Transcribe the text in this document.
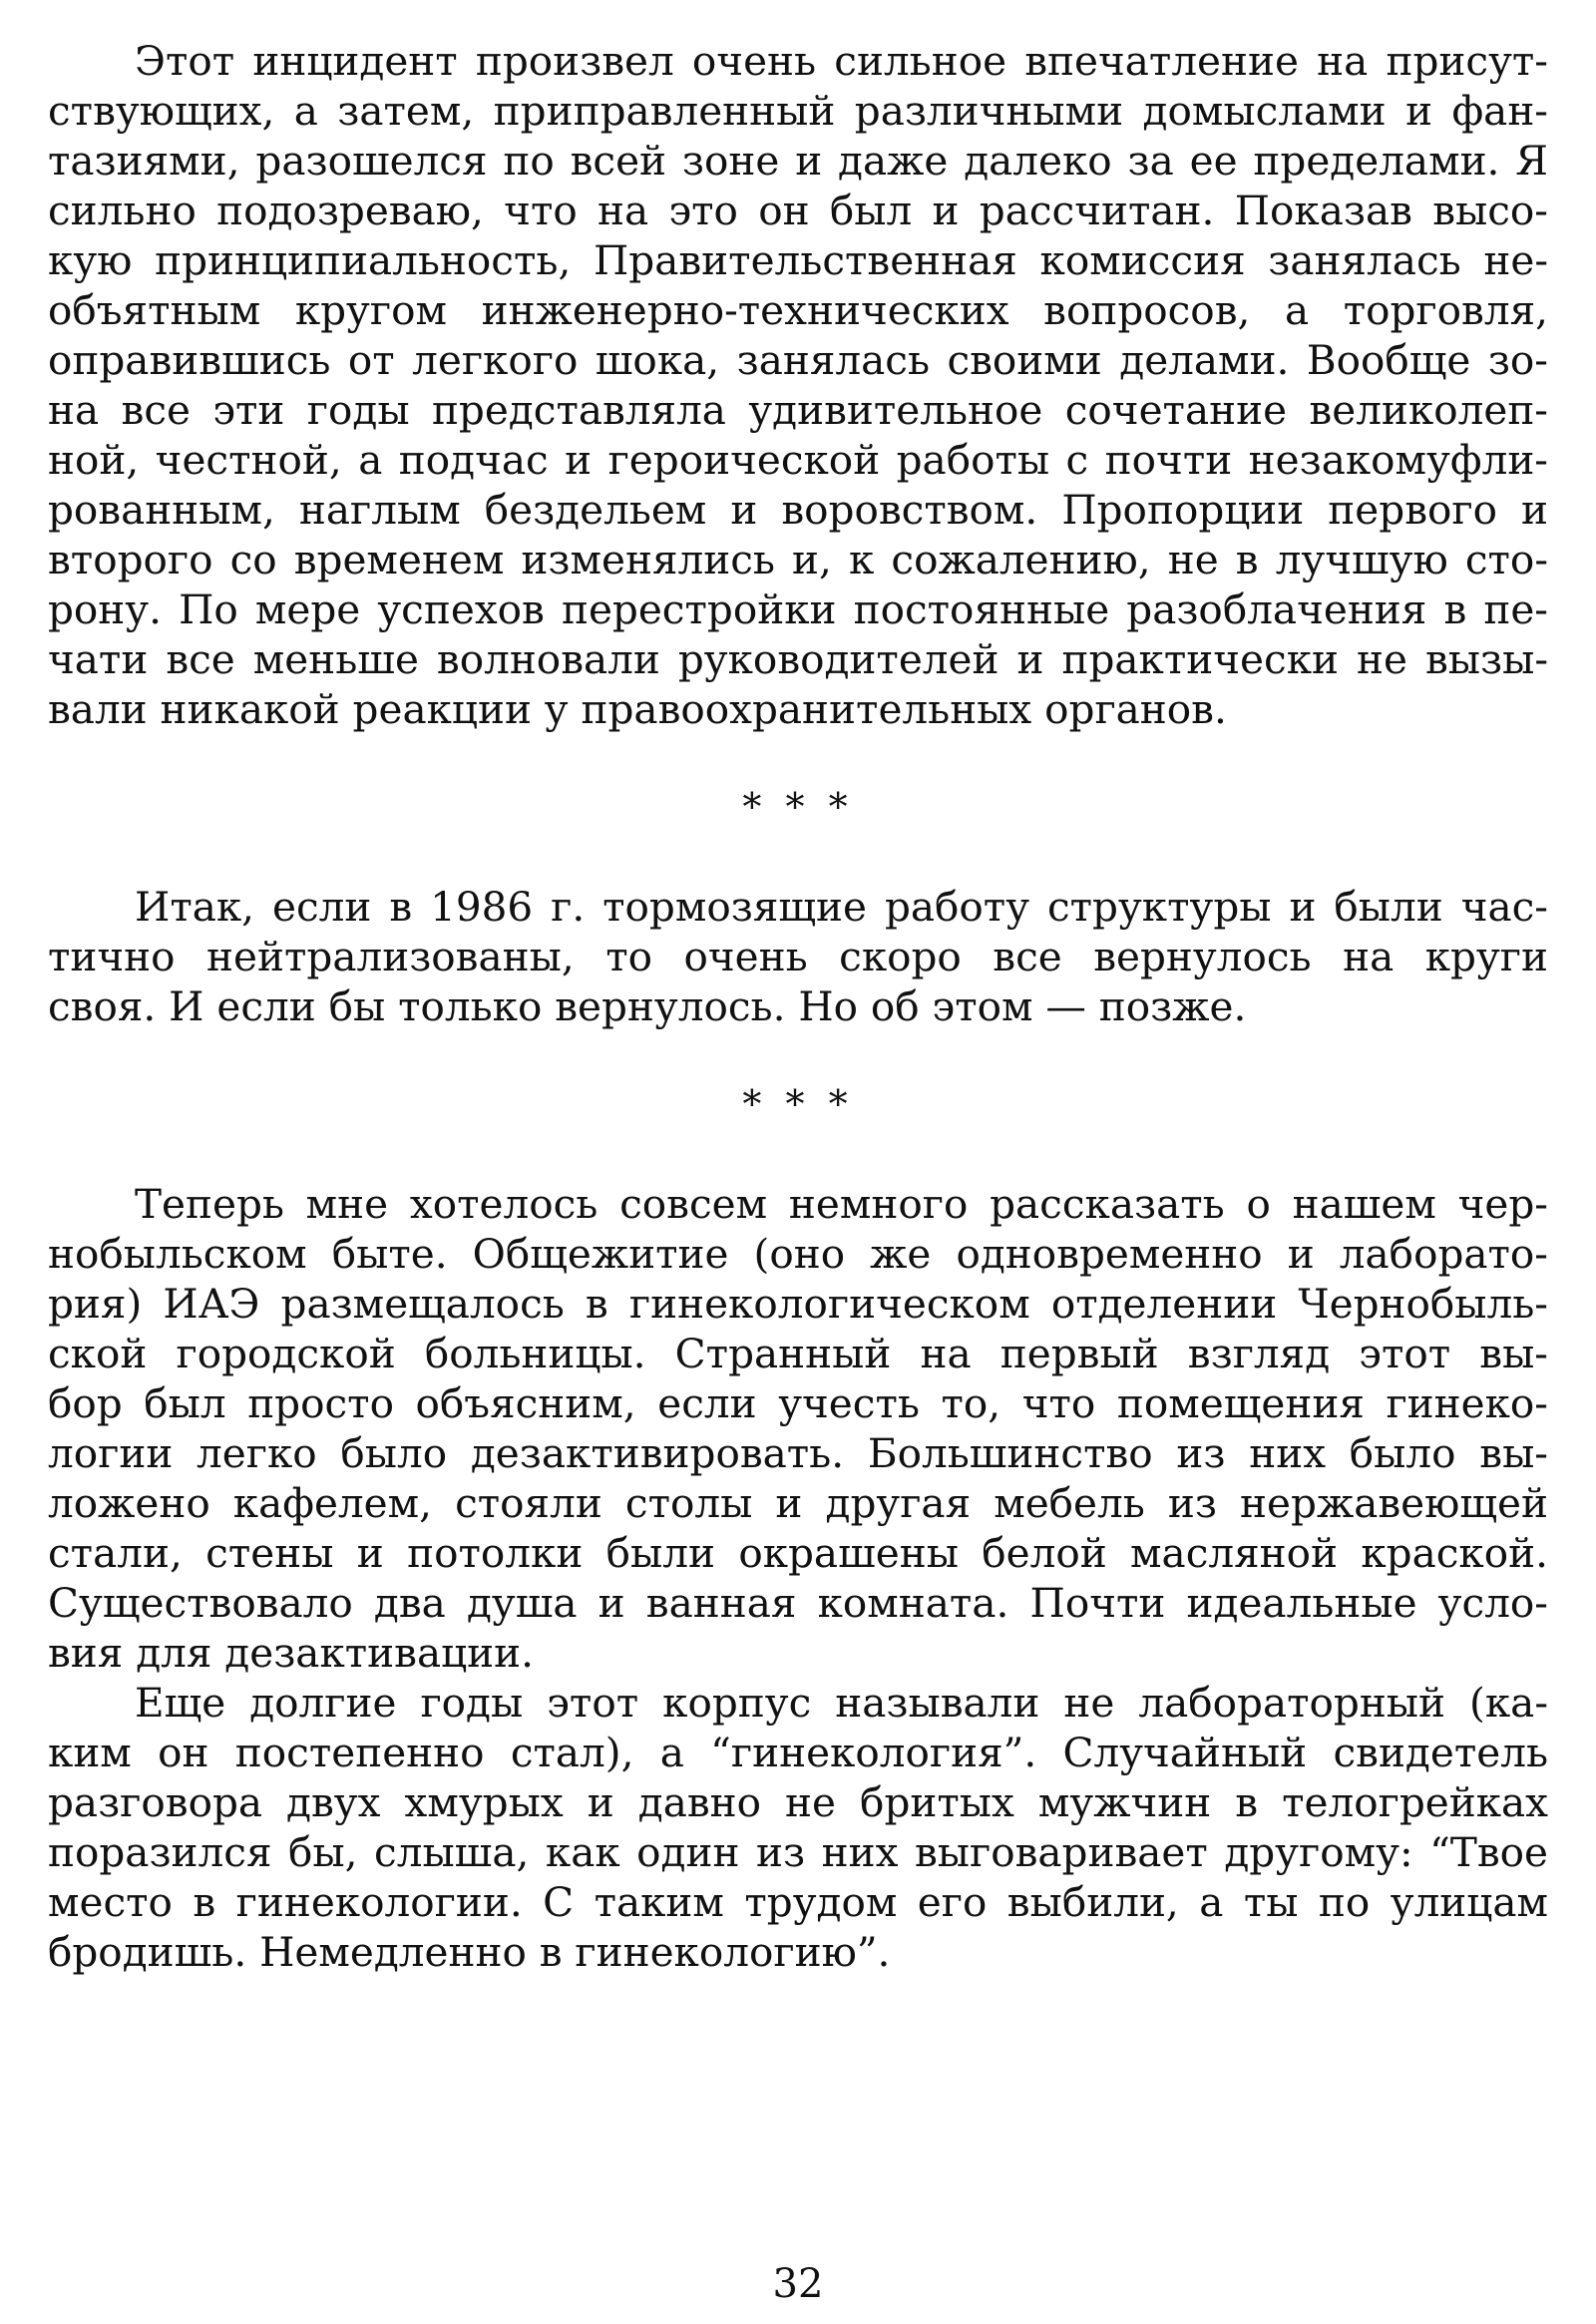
Этот инцидент произвел очень сильное впечатление на присут-
ствующих, а затем, приправленный различными домыслами и фан-
тазиями, разошелся по всей зоне и даже далеко за ее пределами. Я
сильно подозреваю, что на это он был и рассчитан. Показав высо-
кую принципиальность, Правительственная комиссия занялась не-
объятным кругом инженерно-технических вопросов, а торговля,
оправившись от легкого шока, занялась своими делами. Вообще зо-
на все эти годы представляла удивительное сочетание великолеп-
ной, честной, а подчас и героической работы с почти незакомуфли-
рованным, наглым бездельем и воровством. Пропорции первого и
второго со временем изменялись и, к сожалению, не в лучшую сто-
рону. По мере успехов перестройки постоянные разоблачения в пе-
чати все меньше волновали руководителей и практически не вызы-
вали никакой реакции у правоохранительных органов.
* * *
Итак, если в 1986 г. тормозящие работу структуры и были час-
тично нейтрализованы, то очень скоро все вернулось на круги
своя. И если бы только вернулось. Но об этом — позже.
* * *
Теперь мне хотелось совсем немного рассказать о нашем чер-
нобыльском быте. Общежитие (оно же одновременно и лаборато-
рия) ИАЭ размещалось в гинекологическом отделении Чернобыль-
ской городской больницы. Странный на первый взгляд этот вы-
бор был просто объясним, если учесть то, что помещения гинеко-
логии легко было дезактивировать. Большинство из них было вы-
ложено кафелем, стояли столы и другая мебель из нержавеющей
стали, стены и потолки были окрашены белой масляной краской.
Существовало два душа и ванная комната. Почти идеальные усло-
вия для дезактивации.
Еще долгие годы этот корпус называли не лабораторный (ка-
ким он постепенно стал), а “гинекология”. Случайный свидетель
разговора двух хмурых и давно не бритых мужчин в телогрейках
поразился бы, слыша, как один из них выговаривает другому: “Твое
место в гинекологии. С таким трудом его выбили, а ты по улицам
бродишь. Немедленно в гинекологию”.
32
